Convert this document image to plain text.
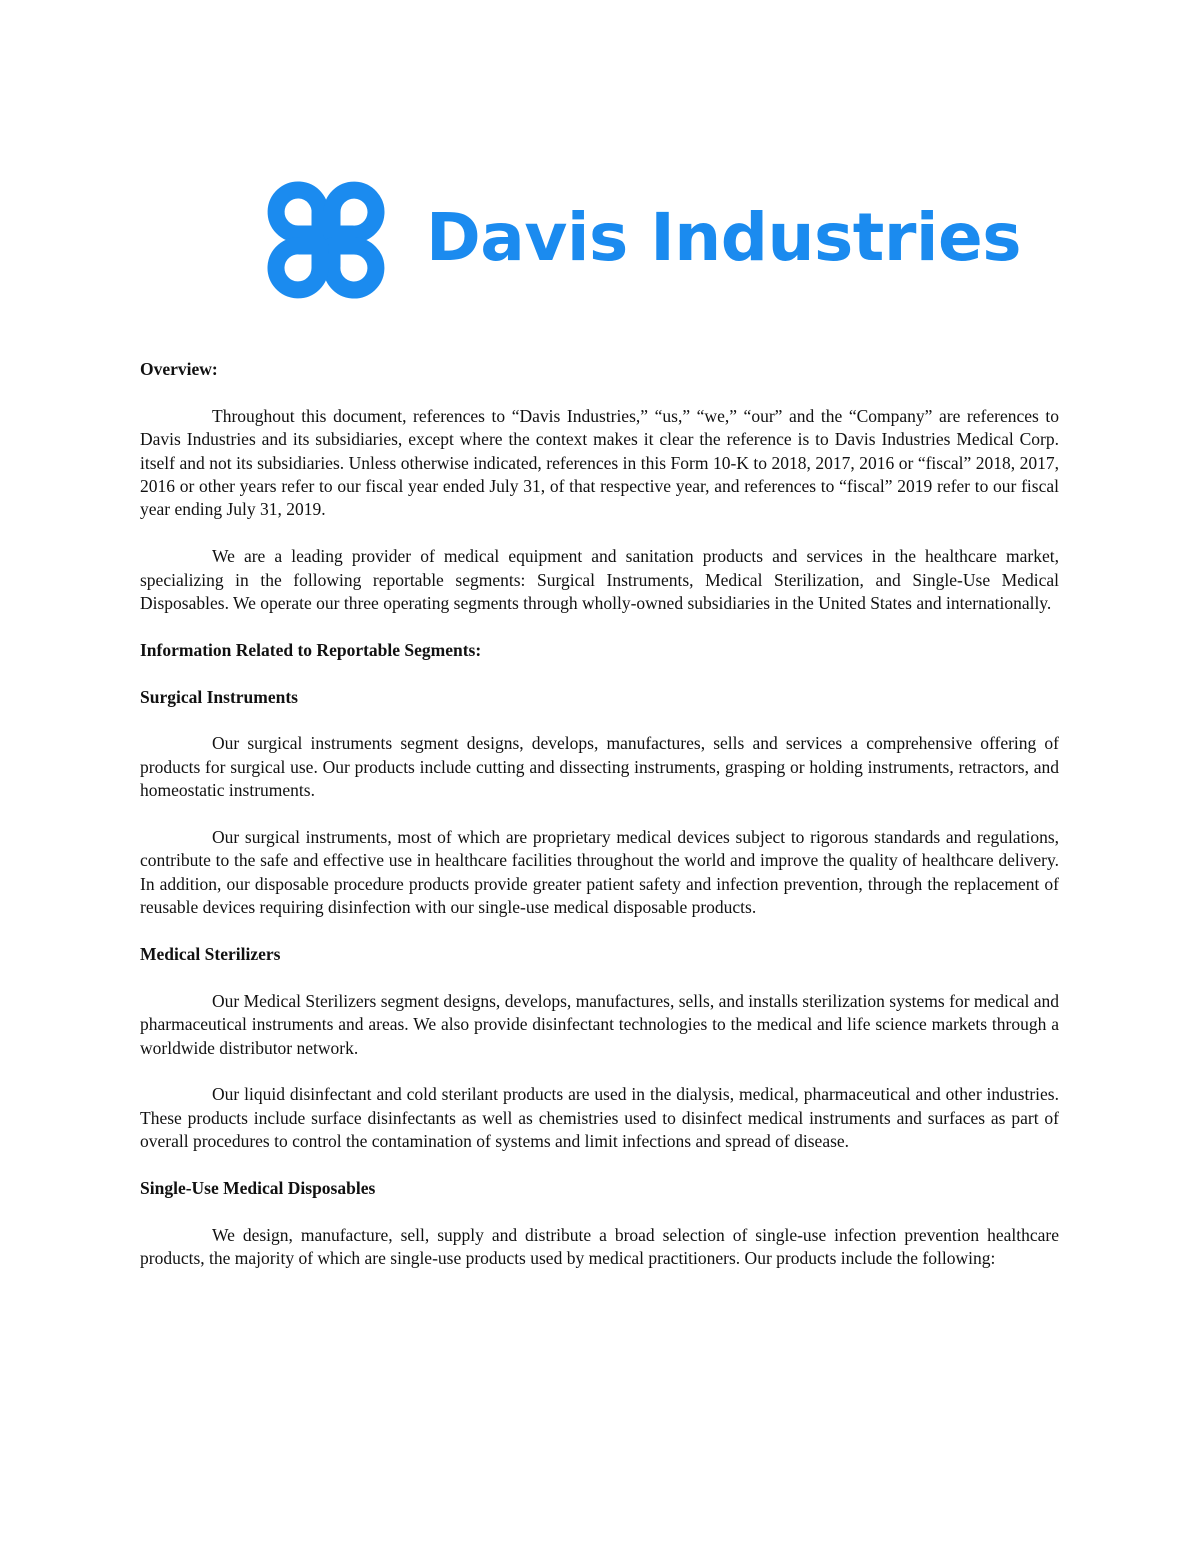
Davis Industries

Overview:

Throughout this document, references to “Davis Industries,” “us,” “we,” “our” and the “Company” are references to Davis Industries and its subsidiaries, except where the context makes it clear the reference is to Davis Industries Medical Corp. itself and not its subsidiaries. Unless otherwise indicated, references in this Form 10-K to 2018, 2017, 2016 or “fiscal” 2018, 2017, 2016 or other years refer to our fiscal year ended July 31, of that respective year, and references to “fiscal” 2019 refer to our fiscal year ending July 31, 2019.

We are a leading provider of medical equipment and sanitation products and services in the healthcare market, specializing in the following reportable segments: Surgical Instruments, Medical Sterilization, and Single-Use Medical Disposables. We operate our three operating segments through wholly-owned subsidiaries in the United States and internationally.

Information Related to Reportable Segments:

Surgical Instruments

Our surgical instruments segment designs, develops, manufactures, sells and services a comprehensive offering of products for surgical use. Our products include cutting and dissecting instruments, grasping or holding instruments, retractors, and homeostatic instruments.

Our surgical instruments, most of which are proprietary medical devices subject to rigorous standards and regulations, contribute to the safe and effective use in healthcare facilities throughout the world and improve the quality of healthcare delivery. In addition, our disposable procedure products provide greater patient safety and infection prevention, through the replacement of reusable devices requiring disinfection with our single-use medical disposable products.

Medical Sterilizers

Our Medical Sterilizers segment designs, develops, manufactures, sells, and installs sterilization systems for medical and pharmaceutical instruments and areas. We also provide disinfectant technologies to the medical and life science markets through a worldwide distributor network.

Our liquid disinfectant and cold sterilant products are used in the dialysis, medical, pharmaceutical and other industries. These products include surface disinfectants as well as chemistries used to disinfect medical instruments and surfaces as part of overall procedures to control the contamination of systems and limit infections and spread of disease.

Single-Use Medical Disposables

We design, manufacture, sell, supply and distribute a broad selection of single-use infection prevention healthcare products, the majority of which are single-use products used by medical practitioners. Our products include the following:
